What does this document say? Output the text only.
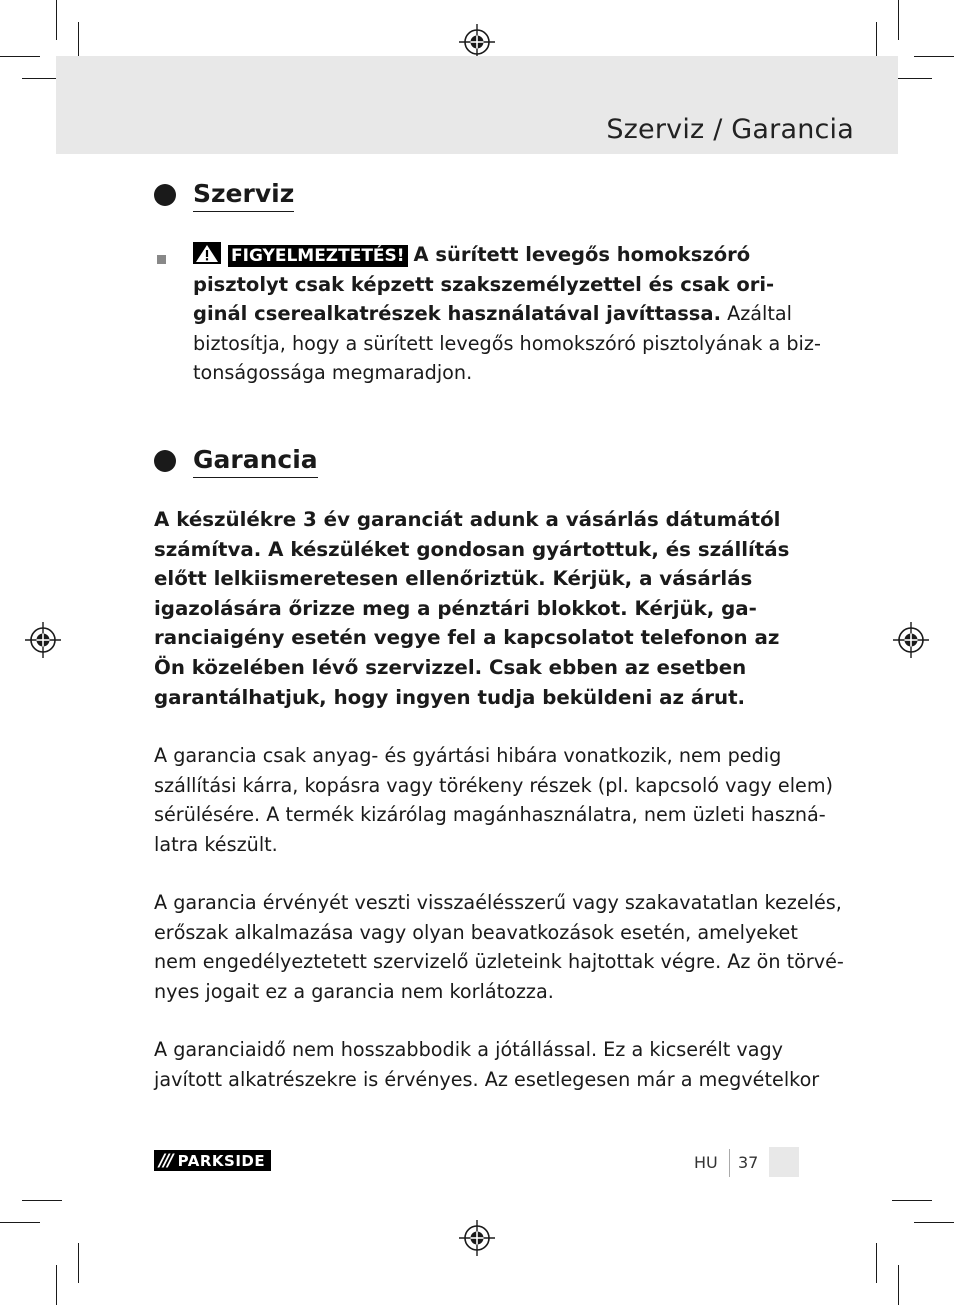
Szerviz / Garancia
Szerviz
FIGYELMEZTETÉS! A sürített levegős homokszóró
pisztolyt csak képzett szakszemélyzettel és csak ori-
ginál cserealkatrészek használatával javíttassa. Azáltal
biztosítja, hogy a sürített levegős homokszóró pisztolyának a biz-
tonságossága megmaradjon.
Garancia
A készülékre 3 év garanciát adunk a vásárlás dátumától
számítva. A készüléket gondosan gyártottuk, és szállítás
előtt lelkiismeretesen ellenőriztük. Kérjük, a vásárlás
igazolására őrizze meg a pénztári blokkot. Kérjük, ga-
ranciaigény esetén vegye fel a kapcsolatot telefonon az
Ön közelében lévő szervizzel. Csak ebben az esetben
garantálhatjuk, hogy ingyen tudja beküldeni az árut.
A garancia csak anyag- és gyártási hibára vonatkozik, nem pedig
szállítási kárra, kopásra vagy törékeny részek (pl. kapcsoló vagy elem)
sérülésére. A termék kizárólag magánhasználatra, nem üzleti haszná-
latra készült.
A garancia érvényét veszti visszaélésszerű vagy szakavatatlan kezelés,
erőszak alkalmazása vagy olyan beavatkozások esetén, amelyeket
nem engedélyeztetett szervizelő üzleteink hajtottak végre. Az ön törvé-
nyes jogait ez a garancia nem korlátozza.
A garanciaidő nem hosszabbodik a jótállással. Ez a kicserélt vagy
javított alkatrészekre is érvényes. Az esetlegesen már a megvételkor
/// PARKSIDE	HU 37
